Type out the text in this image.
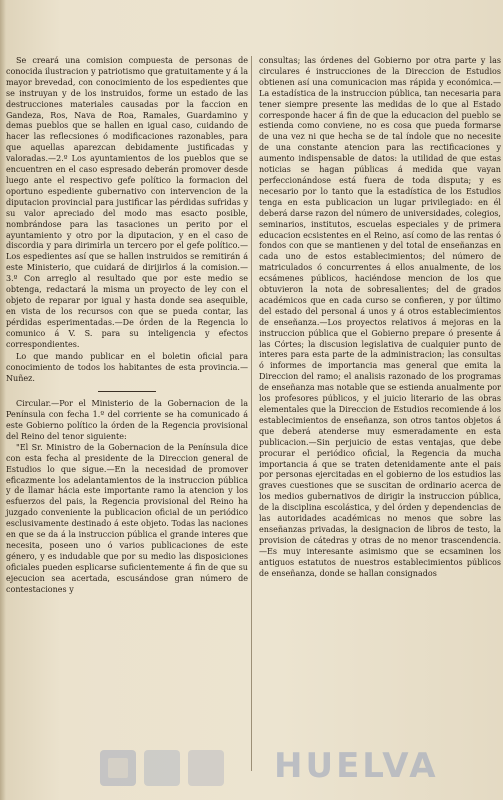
Se creará una comision compuesta de personas de conocida ilustracion y patriotismo que gratuitamente y á la mayor brevedad, con conocimiento de los espedientes que se instruyan y de los instruidos, forme un estado de las destrucciones materiales causadas por la faccion en Gandeza, Ros, Nava de Roa, Ramales, Guardamino y demas pueblos que se hallen en igual caso, cuidando de hacer las reflecsiones ó modificaciones razonables, para que aquellas aparezcan debidamente justificadas y valoradas.—2.º Los ayuntamientos de los pueblos que se encuentren en el caso espresado deberán promover desde luego ante el respectivo gefe político la formacion del oportuno espediente gubernativo con intervencion de la diputacion provincial para justificar las pérdidas sufridas y su valor apreciado del modo mas esacto posible, nombrándose para las tasaciones un perito por el ayuntamiento y otro por la diputacion, y en el caso de discordia y para dirimirla un tercero por el gefe político.—Los espedientes así que se hallen instruidos se remitirán á este Ministerio, que cuidará de dirijirlos á la comision.—3.º Con arreglo al resultado que por este medio se obtenga, redactará la misma un proyecto de ley con el objeto de reparar por igual y hasta donde sea asequible, en vista de los recursos con que se pueda contar, las pérdidas esperimentadas.—De órden de la Regencia lo comunico á V. S. para su inteligencia y efectos correspondientes.

Lo que mando publicar en el boletin oficial para conocimiento de todos los habitantes de esta provincia.—Nuñez.

Circular.—Por el Ministerio de la Gobernacion de la Península con fecha 1.º del corriente se ha comunicado á este Gobierno político la órden de la Regencia provisional del Reino del tenor siguiente:

"El Sr. Ministro de la Gobernacion de la Península dice con esta fecha al presidente de la Direccion general de Estudios lo que sigue.—En la necesidad de promover eficazmente los adelantamientos de la instruccion pública y de llamar hácia este importante ramo la atencion y los esfuerzos del pais, la Regencia provisional del Reino ha juzgado conveniente la publicacion oficial de un periódico esclusivamente destinado á este objeto. Todas las naciones en que se da á la instruccion pública el grande interes que necesita, poseen uno ó varios publicaciones de este género, y es indudable que por su medio las disposiciones oficiales pueden esplicarse suficientemente á fin de que su ejecucion sea acertada, escusándose gran número de contestaciones y

consultas; las órdenes del Gobierno por otra parte y las circulares é instrucciones de la Direccion de Estudios obtienen así una comunicacion mas rápida y económica.—La estadística de la instruccion pública, tan necesaria para tener siempre presente las medidas de lo que al Estado corresponde hacer á fin de que la educacion del pueblo se estienda como conviene, no es cosa que pueda formarse de una vez ni que hecha se de tal índole que no necesite de una constante atencion para las rectificaciones y aumento indispensable de datos: la utilidad de que estas noticias se hagan públicas á medida que vayan perfeccionándose está fuera de toda disputa; y es necesario por lo tanto que la estadística de los Estudios tenga en esta publicacion un lugar privilegiado: en él deberá darse razon del número de universidades, colegios, seminarios, institutos, escuelas especiales y de primera educacion ecsistentes en el Reino, así como de las rentas ó fondos con que se mantienen y del total de enseñanzas en cada uno de estos establecimientos; del número de matriculados ó concurrentes á ellos anualmente, de los ecsámenes públicos, haciéndose mencion de los que obtuvieron la nota de sobresalientes; del de grados académicos que en cada curso se confieren, y por último del estado del personal á unos y á otros establecimientos de enseñanza.—Los proyectos relativos á mejoras en la instruccion pública que el Gobierno prepare ó presente á las Córtes; la discusion legislativa de cualquier punto de interes para esta parte de la administracion; las consultas ó informes de importancia mas general que emita la Direccion del ramo; el analisis razonado de los programas de enseñanza mas notable que se estienda anualmente por los profesores públicos, y el juicio literario de las obras elementales que la Direccion de Estudios recomiende á los establecimientos de enseñanza, son otros tantos objetos á que deberá atenderse muy esmeradamente en esta publicacion.—Sin perjuicio de estas ventajas, que debe procurar el periódico oficial, la Regencia da mucha importancia á que se traten detenidamente ante el pais por personas ejercitadas en el gobierno de los estudios las graves cuestiones que se suscitan de ordinario acerca de los medios gubernativos de dirigir la instruccion pública, de la disciplina escolástica, y del órden y dependencias de las autoridades académicas no menos que sobre las enseñanzas privadas, la designacion de libros de testo, la provision de cátedras y otras de no menor trascendencia.—Es muy interesante asimismo que se ecsaminen los antiguos estatutos de nuestros establecimientos públicos de enseñanza, donde se hallan consignados

HUELVA
